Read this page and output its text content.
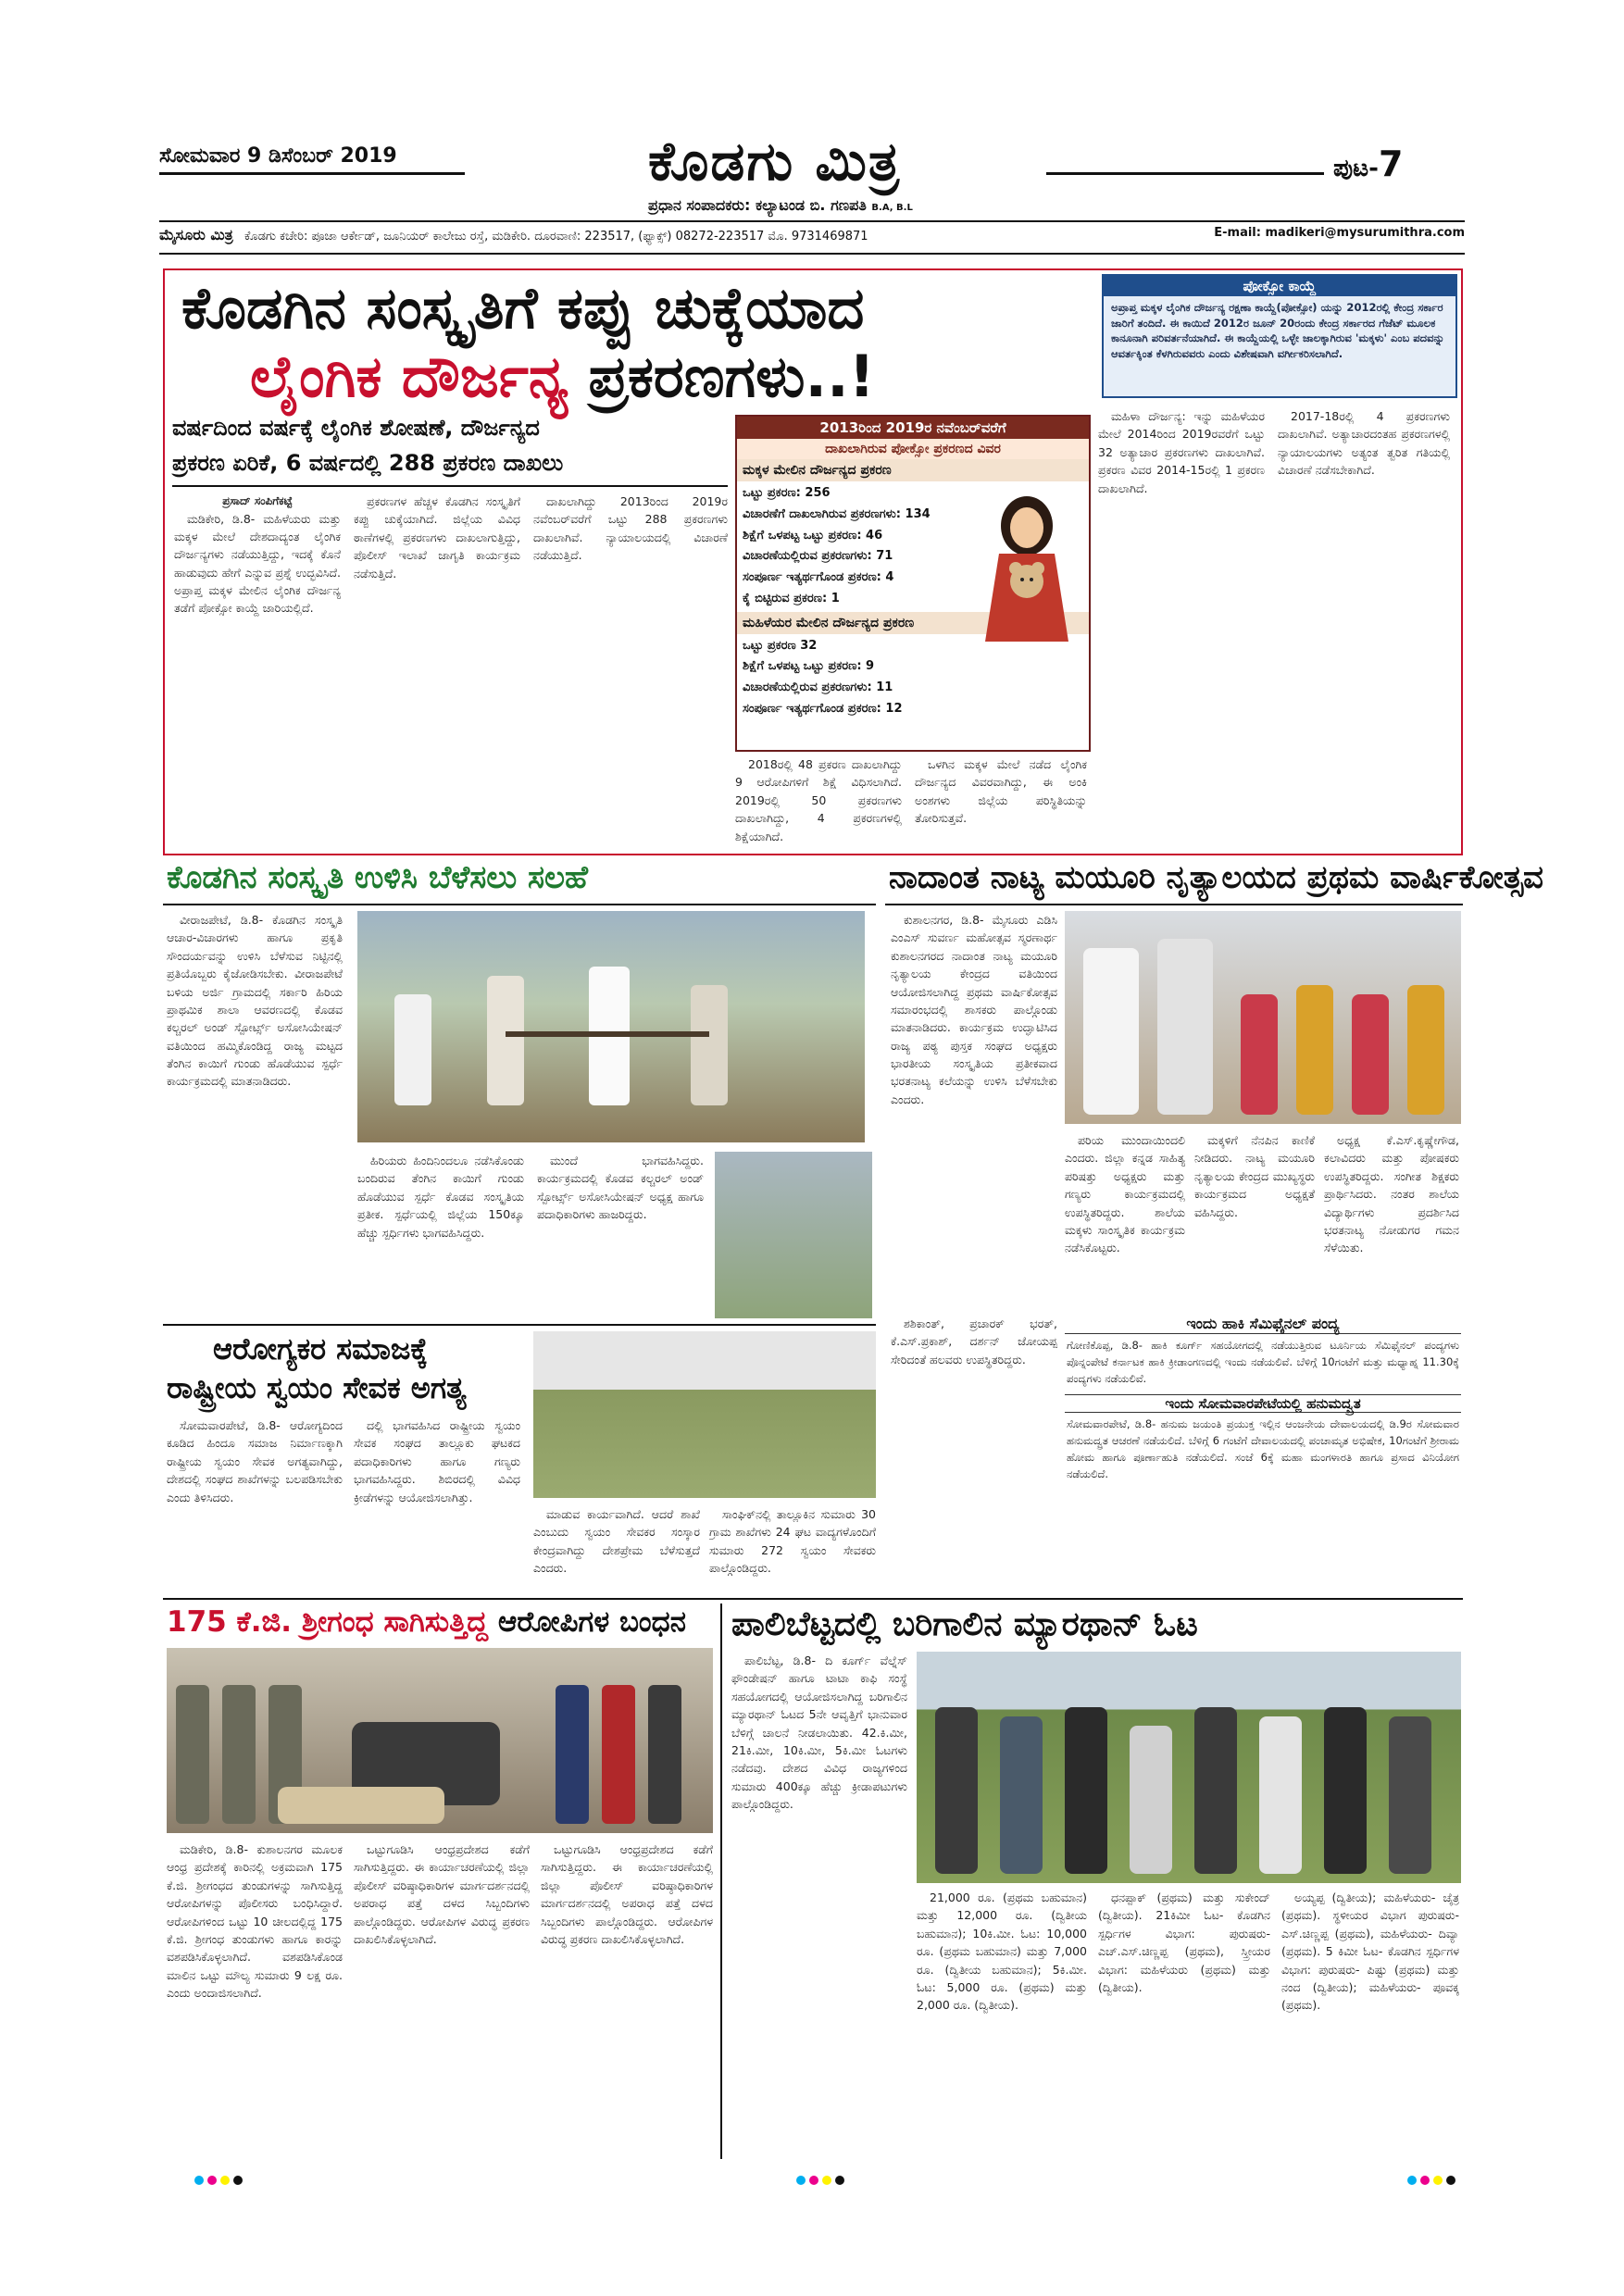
ಸೋಮವಾರ 9 ಡಿಸೆಂಬರ್ 2019	ಕೊಡಗು ಮಿತ್ರ	ಪುಟ-7
ಪ್ರಧಾನ ಸಂಪಾದಕರು: ಕಲ್ಯಾಟಂಡ ಬಿ. ಗಣಪತಿ B.A, B.L
ಮೈಸೂರು ಮಿತ್ರ ಕೊಡಗು ಕಚೇರಿ: ಪೂಜಾ ಆರ್ಕೇಡ್, ಜೂನಿಯರ್ ಕಾಲೇಜು ರಸ್ತೆ, ಮಡಿಕೇರಿ. ದೂರವಾಣಿ: 223517, (ಫ್ಯಾಕ್ಸ್) 08272-223517 ಮೊ. 9731469871	E-mail: madikeri@mysurumithra.com
ಕೊಡಗಿನ ಸಂಸ್ಕೃತಿಗೆ ಕಪ್ಪು ಚುಕ್ಕೆಯಾದ
ಲೈಂಗಿಕ ದೌರ್ಜನ್ಯ ಪ್ರಕರಣಗಳು..!
ಪೋಕ್ಸೋ ಕಾಯ್ದೆ
ಅಪ್ರಾಪ್ತ ಮಕ್ಕಳ ಲೈಂಗಿಕ ದೌರ್ಜನ್ಯ ರಕ್ಷಣಾ ಕಾಯ್ದೆ(ಪೋಕ್ಸೋ) ಯನ್ನು 2012ರಲ್ಲಿ ಕೇಂದ್ರ ಸರ್ಕಾರ ಜಾರಿಗೆ ತಂದಿದೆ. ಈ ಕಾಯಿದೆ 2012ರ ಜೂನ್ 20ರಂದು ಕೇಂದ್ರ ಸರ್ಕಾರದ ಗೆಜೆಟ್ ಮೂಲಕ ಕಾನೂನಾಗಿ ಪರಿವರ್ತನೆಯಾಗಿದೆ. ಈ ಕಾಯ್ದೆಯಲ್ಲಿ ಒಳ್ಳೇ ಜಾಲಕ್ಕಾಗಿರುವ 'ಮಕ್ಕಳು' ಎಂಬ ಪದವನ್ನು ಆವರ್ತಕ್ಕಿಂತ ಕೆಳಗಿರುವವರು ಎಂದು ವಿಶೇಷವಾಗಿ ವರ್ಗೀಕರಿಸಲಾಗಿದೆ.
ವರ್ಷದಿಂದ ವರ್ಷಕ್ಕೆ ಲೈಂಗಿಕ ಶೋಷಣೆ, ದೌರ್ಜನ್ಯದ
ಪ್ರಕರಣ ಏರಿಕೆ, 6 ವರ್ಷದಲ್ಲಿ 288 ಪ್ರಕರಣ ದಾಖಲು
ಪ್ರಸಾದ್ ಸಂಪಿಗೆಕಟ್ಟೆ

ಮಡಿಕೇರಿ, ಡಿ.8- ಮಹಿಳೆಯರು ಮತ್ತು ಮಕ್ಕಳ ಮೇಲೆ ದೇಶದಾದ್ಯಂತ ಲೈಂಗಿಕ ದೌರ್ಜನ್ಯಗಳು ನಡೆಯುತ್ತಿದ್ದು, ಇದಕ್ಕೆ ಕೊನೆ ಹಾಡುವುದು ಹೇಗೆ ಎನ್ನುವ ಪ್ರಶ್ನೆ ಉದ್ಭವಿಸಿದೆ. ಅಪ್ರಾಪ್ತ ಮಕ್ಕಳ ಮೇಲಿನ ಲೈಂಗಿಕ ದೌರ್ಜನ್ಯ ತಡೆಗೆ ಪೋಕ್ಸೋ ಕಾಯ್ದೆ ಜಾರಿಯಲ್ಲಿದೆ.

ಪ್ರಕರಣಗಳ ಹೆಚ್ಚಳ ಕೊಡಗಿನ ಸಂಸ್ಕೃತಿಗೆ ಕಪ್ಪು ಚುಕ್ಕೆಯಾಗಿದೆ. ಜಿಲ್ಲೆಯ ವಿವಿಧ ಠಾಣೆಗಳಲ್ಲಿ ಪ್ರಕರಣಗಳು ದಾಖಲಾಗುತ್ತಿದ್ದು, ಪೊಲೀಸ್ ಇಲಾಖೆ ಜಾಗೃತಿ ಕಾರ್ಯಕ್ರಮ ನಡೆಸುತ್ತಿದೆ.

ದಾಖಲಾಗಿದ್ದು 2013ರಿಂದ 2019ರ ನವೆಂಬರ್‌ವರೆಗೆ ಒಟ್ಟು 288 ಪ್ರಕರಣಗಳು ದಾಖಲಾಗಿವೆ. ನ್ಯಾಯಾಲಯದಲ್ಲಿ ವಿಚಾರಣೆ ನಡೆಯುತ್ತಿದೆ.

2013ರಿಂದ 2019ರ ನವೆಂಬರ್‌ವರೆಗೆ
ದಾಖಲಾಗಿರುವ ಪೋಕ್ಸೋ ಪ್ರಕರಣದ ವಿವರ
ಮಕ್ಕಳ ಮೇಲಿನ ದೌರ್ಜನ್ಯದ ಪ್ರಕರಣ
ಒಟ್ಟು ಪ್ರಕರಣ: 256
ವಿಚಾರಣೆಗೆ ದಾಖಲಾಗಿರುವ ಪ್ರಕರಣಗಳು: 134
ಶಿಕ್ಷೆಗೆ ಒಳಪಟ್ಟ ಒಟ್ಟು ಪ್ರಕರಣ: 46
ವಿಚಾರಣೆಯಲ್ಲಿರುವ ಪ್ರಕರಣಗಳು: 71
ಸಂಪೂರ್ಣ ಇತ್ಯರ್ಥಗೊಂಡ ಪ್ರಕರಣ: 4
ಕೈ ಬಿಟ್ಟಿರುವ ಪ್ರಕರಣ: 1
ಮಹಿಳೆಯರ ಮೇಲಿನ ದೌರ್ಜನ್ಯದ ಪ್ರಕರಣ
ಒಟ್ಟು ಪ್ರಕರಣ 32
ಶಿಕ್ಷೆಗೆ ಒಳಪಟ್ಟ ಒಟ್ಟು ಪ್ರಕರಣ: 9
ವಿಚಾರಣೆಯಲ್ಲಿರುವ ಪ್ರಕರಣಗಳು: 11
ಸಂಪೂರ್ಣ ಇತ್ಯರ್ಥಗೊಂಡ ಪ್ರಕರಣ: 12

2018ರಲ್ಲಿ 48 ಪ್ರಕರಣ ದಾಖಲಾಗಿದ್ದು 9 ಆರೋಪಿಗಳಿಗೆ ಶಿಕ್ಷೆ ವಿಧಿಸಲಾಗಿದೆ. 2019ರಲ್ಲಿ 50 ಪ್ರಕರಣಗಳು ದಾಖಲಾಗಿದ್ದು, 4 ಪ್ರಕರಣಗಳಲ್ಲಿ ಶಿಕ್ಷೆಯಾಗಿದೆ.

ಒಳಗಿನ ಮಕ್ಕಳ ಮೇಲೆ ನಡೆದ ಲೈಂಗಿಕ ದೌರ್ಜನ್ಯದ ವಿವರವಾಗಿದ್ದು, ಈ ಅಂಕಿ ಅಂಶಗಳು ಜಿಲ್ಲೆಯ ಪರಿಸ್ಥಿತಿಯನ್ನು ತೋರಿಸುತ್ತವೆ.

ಮಹಿಳಾ ದೌರ್ಜನ್ಯ: ಇನ್ನು ಮಹಿಳೆಯರ ಮೇಲೆ 2014ರಿಂದ 2019ರವರೆಗೆ ಒಟ್ಟು 32 ಅತ್ಯಾಚಾರ ಪ್ರಕರಣಗಳು ದಾಖಲಾಗಿವೆ. ಪ್ರಕರಣ ವಿವರ 2014-15ರಲ್ಲಿ 1 ಪ್ರಕರಣ ದಾಖಲಾಗಿದೆ.

2017-18ರಲ್ಲಿ 4 ಪ್ರಕರಣಗಳು ದಾಖಲಾಗಿವೆ. ಅತ್ಯಾಚಾರದಂತಹ ಪ್ರಕರಣಗಳಲ್ಲಿ ನ್ಯಾಯಾಲಯಗಳು ಅತ್ಯಂತ ತ್ವರಿತ ಗತಿಯಲ್ಲಿ ವಿಚಾರಣೆ ನಡೆಸಬೇಕಾಗಿದೆ.

ಕೊಡಗಿನ ಸಂಸ್ಕೃತಿ ಉಳಿಸಿ ಬೆಳೆಸಲು ಸಲಹೆ

ವೀರಾಜಪೇಟೆ, ಡಿ.8- ಕೊಡಗಿನ ಸಂಸ್ಕೃತಿ ಆಚಾರ-ವಿಚಾರಗಳು ಹಾಗೂ ಪ್ರಕೃತಿ ಸೌಂದರ್ಯವನ್ನು ಉಳಿಸಿ ಬೆಳೆಸುವ ನಿಟ್ಟಿನಲ್ಲಿ ಪ್ರತಿಯೊಬ್ಬರು ಕೈಜೋಡಿಸಬೇಕು. ವೀರಾಜಪೇಟೆ ಬಳಿಯ ಅರ್ಜಿ ಗ್ರಾಮದಲ್ಲಿ ಸರ್ಕಾರಿ ಹಿರಿಯ ಪ್ರಾಥಮಿಕ ಶಾಲಾ ಆವರಣದಲ್ಲಿ ಕೊಡವ ಕಲ್ಚರಲ್ ಅಂಡ್ ಸ್ಪೋರ್ಟ್ಸ್ ಅಸೋಸಿಯೇಷನ್ ವತಿಯಿಂದ ಹಮ್ಮಿಕೊಂಡಿದ್ದ ರಾಜ್ಯ ಮಟ್ಟದ ತೆಂಗಿನ ಕಾಯಿಗೆ ಗುಂಡು ಹೊಡೆಯುವ ಸ್ಪರ್ಧೆ ಕಾರ್ಯಕ್ರಮದಲ್ಲಿ ಮಾತನಾಡಿದರು.

ಹಿರಿಯರು ಹಿಂದಿನಿಂದಲೂ ನಡೆಸಿಕೊಂಡು ಬಂದಿರುವ ತೆಂಗಿನ ಕಾಯಿಗೆ ಗುಂಡು ಹೊಡೆಯುವ ಸ್ಪರ್ಧೆ ಕೊಡವ ಸಂಸ್ಕೃತಿಯ ಪ್ರತೀಕ. ಸ್ಪರ್ಧೆಯಲ್ಲಿ ಜಿಲ್ಲೆಯ 150ಕ್ಕೂ ಹೆಚ್ಚು ಸ್ಪರ್ಧಿಗಳು ಭಾಗವಹಿಸಿದ್ದರು.

ಮುಂದೆ ಭಾಗವಹಿಸಿದ್ದರು. ಕಾರ್ಯಕ್ರಮದಲ್ಲಿ ಕೊಡವ ಕಲ್ಚರಲ್ ಅಂಡ್ ಸ್ಪೋರ್ಟ್ಸ್ ಅಸೋಸಿಯೇಷನ್ ಅಧ್ಯಕ್ಷ ಹಾಗೂ ಪದಾಧಿಕಾರಿಗಳು ಹಾಜರಿದ್ದರು.

ನಾದಾಂತ ನಾಟ್ಯ ಮಯೂರಿ ನೃತ್ಯಾಲಯದ ಪ್ರಥಮ ವಾರ್ಷಿಕೋತ್ಸವ

ಕುಶಾಲನಗರ, ಡಿ.8- ಮೈಸೂರು ಎಡಿಸಿ ಎಂಎಸ್ ಸುವರ್ಣ ಮಹೋತ್ಸವ ಸ್ಮರಣಾರ್ಥ ಕುಶಾಲನಗರದ ನಾದಾಂತ ನಾಟ್ಯ ಮಯೂರಿ ನೃತ್ಯಾಲಯ ಕೇಂದ್ರದ ವತಿಯಿಂದ ಆಯೋಜಿಸಲಾಗಿದ್ದ ಪ್ರಥಮ ವಾರ್ಷಿಕೋತ್ಸವ ಸಮಾರಂಭದಲ್ಲಿ ಶಾಸಕರು ಪಾಲ್ಗೊಂಡು ಮಾತನಾಡಿದರು. ಕಾರ್ಯಕ್ರಮ ಉದ್ಘಾಟಿಸಿದ ರಾಜ್ಯ ಪಠ್ಯ ಪುಸ್ತಕ ಸಂಘದ ಅಧ್ಯಕ್ಷರು ಭಾರತೀಯ ಸಂಸ್ಕೃತಿಯ ಪ್ರತೀಕವಾದ ಭರತನಾಟ್ಯ ಕಲೆಯನ್ನು ಉಳಿಸಿ ಬೆಳೆಸಬೇಕು ಎಂದರು.

ಪರಿಯ ಮುಂದಾಯಿಂದಲಿ ಎಂದರು. ಜಿಲ್ಲಾ ಕನ್ನಡ ಸಾಹಿತ್ಯ ಪರಿಷತ್ತು ಅಧ್ಯಕ್ಷರು ಮತ್ತು ಗಣ್ಯರು ಕಾರ್ಯಕ್ರಮದಲ್ಲಿ ಉಪಸ್ಥಿತರಿದ್ದರು. ಶಾಲೆಯ ಮಕ್ಕಳು ಸಾಂಸ್ಕೃತಿಕ ಕಾರ್ಯಕ್ರಮ ನಡೆಸಿಕೊಟ್ಟರು.

ಮಕ್ಕಳಿಗೆ ನೆನಪಿನ ಕಾಣಿಕೆ ನೀಡಿದರು. ನಾಟ್ಯ ಮಯೂರಿ ನೃತ್ಯಾಲಯ ಕೇಂದ್ರದ ಮುಖ್ಯಸ್ಥರು ಕಾರ್ಯಕ್ರಮದ ಅಧ್ಯಕ್ಷತೆ ವಹಿಸಿದ್ದರು.

ಅಧ್ಯಕ್ಷ ಕೆ.ಎಸ್.ಕೃಷ್ಣೇಗೌಡ, ಕಲಾವಿದರು ಮತ್ತು ಪೋಷಕರು ಉಪಸ್ಥಿತರಿದ್ದರು. ಸಂಗೀತ ಶಿಕ್ಷಕರು ಪ್ರಾರ್ಥಿಸಿದರು. ನಂತರ ಶಾಲೆಯ ವಿದ್ಯಾರ್ಥಿಗಳು ಪ್ರದರ್ಶಿಸಿದ ಭರತನಾಟ್ಯ ನೋಡುಗರ ಗಮನ ಸೆಳೆಯಿತು.

ಆರೋಗ್ಯಕರ ಸಮಾಜಕ್ಕೆ
ರಾಷ್ಟ್ರೀಯ ಸ್ವಯಂ ಸೇವಕ ಅಗತ್ಯ

ಸೋಮವಾರಪೇಟೆ, ಡಿ.8- ಆರೋಗ್ಯದಿಂದ ಕೂಡಿದ ಹಿಂದೂ ಸಮಾಜ ನಿರ್ಮಾಣಕ್ಕಾಗಿ ರಾಷ್ಟ್ರೀಯ ಸ್ವಯಂ ಸೇವಕ ಅಗತ್ಯವಾಗಿದ್ದು, ದೇಶದಲ್ಲಿ ಸಂಘದ ಶಾಖೆಗಳನ್ನು ಬಲಪಡಿಸಬೇಕು ಎಂದು ತಿಳಿಸಿದರು.

ದಲ್ಲಿ ಭಾಗವಹಿಸಿದ ರಾಷ್ಟ್ರೀಯ ಸ್ವಯಂ ಸೇವಕ ಸಂಘದ ತಾಲ್ಲೂಕು ಘಟಕದ ಪದಾಧಿಕಾರಿಗಳು ಹಾಗೂ ಗಣ್ಯರು ಭಾಗವಹಿಸಿದ್ದರು. ಶಿಬಿರದಲ್ಲಿ ವಿವಿಧ ಕ್ರೀಡೆಗಳನ್ನು ಆಯೋಜಿಸಲಾಗಿತ್ತು.

ಮಾಡುವ ಕಾರ್ಯವಾಗಿದೆ. ಆದರೆ ಶಾಖೆ ಎಂಬುದು ಸ್ವಯಂ ಸೇವಕರ ಸಂಸ್ಕಾರ ಕೇಂದ್ರವಾಗಿದ್ದು ದೇಶಪ್ರೇಮ ಬೆಳೆಸುತ್ತದೆ ಎಂದರು.

ಸಾಂಘಿಕ್‌ನಲ್ಲಿ ತಾಲ್ಲೂಕಿನ ಸುಮಾರು 30 ಗ್ರಾಮ ಶಾಖೆಗಳು 24 ಘಟ ವಾದ್ಯಗಳೊಂದಿಗೆ ಸುಮಾರು 272 ಸ್ವಯಂ ಸೇವಕರು ಪಾಲ್ಗೊಂಡಿದ್ದರು.

ಶಶಿಕಾಂತ್, ಪ್ರಚಾರಕ್ ಭರತ್, ಕೆ.ಎಸ್.ಪ್ರಕಾಶ್, ದರ್ಶನ್ ಜೋಯಪ್ಪ ಸೇರಿದಂತೆ ಹಲವರು ಉಪಸ್ಥಿತರಿದ್ದರು.

ಇಂದು ಹಾಕಿ ಸೆಮಿಫೈನಲ್ ಪಂದ್ಯ
ಗೋಣಿಕೊಪ್ಪ, ಡಿ.8- ಹಾಕಿ ಕೂರ್ಗ್ ಸಹಯೋಗದಲ್ಲಿ ನಡೆಯುತ್ತಿರುವ ಟೂರ್ನಿಯ ಸೆಮಿಫೈನಲ್ ಪಂದ್ಯಗಳು ಪೊನ್ನಂಪೇಟೆ ಕರ್ನಾಟಕ ಹಾಕಿ ಕ್ರೀಡಾಂಗಣದಲ್ಲಿ ಇಂದು ನಡೆಯಲಿವೆ. ಬೆಳಿಗ್ಗೆ 10ಗಂಟೆಗೆ ಮತ್ತು ಮಧ್ಯಾಹ್ನ 11.30ಕ್ಕೆ ಪಂದ್ಯಗಳು ನಡೆಯಲಿವೆ.
ಇಂದು ಸೋಮವಾರಪೇಟೆಯಲ್ಲಿ ಹನುಮದ್ವ್ರತ
ಸೋಮವಾರಪೇಟೆ, ಡಿ.8- ಹನುಮ ಜಯಂತಿ ಪ್ರಯುಕ್ತ ಇಲ್ಲಿನ ಆಂಜನೇಯ ದೇವಾಲಯದಲ್ಲಿ ಡಿ.9ರ ಸೋಮವಾರ ಹನುಮದ್ವ್ರತ ಆಚರಣೆ ನಡೆಯಲಿದೆ. ಬೆಳಿಗ್ಗೆ 6 ಗಂಟೆಗೆ ದೇವಾಲಯದಲ್ಲಿ ಪಂಚಾಮೃತ ಅಭಿಷೇಕ, 10ಗಂಟೆಗೆ ಶ್ರೀರಾಮ ಹೋಮ ಹಾಗೂ ಪೂರ್ಣಾಹುತಿ ನಡೆಯಲಿದೆ. ಸಂಜೆ 6ಕ್ಕೆ ಮಹಾ ಮಂಗಳಾರತಿ ಹಾಗೂ ಪ್ರಸಾದ ವಿನಿಯೋಗ ನಡೆಯಲಿದೆ.
175 ಕೆ.ಜಿ. ಶ್ರೀಗಂಧ ಸಾಗಿಸುತ್ತಿದ್ದ ಆರೋಪಿಗಳ ಬಂಧನ

ಮಡಿಕೇರಿ, ಡಿ.8- ಕುಶಾಲನಗರ ಮೂಲಕ ಆಂಧ್ರ ಪ್ರದೇಶಕ್ಕೆ ಕಾರಿನಲ್ಲಿ ಅಕ್ರಮವಾಗಿ 175 ಕೆ.ಜಿ. ಶ್ರೀಗಂಧದ ತುಂಡುಗಳನ್ನು ಸಾಗಿಸುತ್ತಿದ್ದ ಆರೋಪಿಗಳನ್ನು ಪೊಲೀಸರು ಬಂಧಿಸಿದ್ದಾರೆ. ಆರೋಪಿಗಳಿಂದ ಒಟ್ಟು 10 ಚೀಲದಲ್ಲಿದ್ದ 175 ಕೆ.ಜಿ. ಶ್ರೀಗಂಧ ತುಂಡುಗಳು ಹಾಗೂ ಕಾರನ್ನು ವಶಪಡಿಸಿಕೊಳ್ಳಲಾಗಿದೆ. ವಶಪಡಿಸಿಕೊಂಡ ಮಾಲಿನ ಒಟ್ಟು ಮೌಲ್ಯ ಸುಮಾರು 9 ಲಕ್ಷ ರೂ. ಎಂದು ಅಂದಾಜಿಸಲಾಗಿದೆ.

ಒಟ್ಟುಗೂಡಿಸಿ ಆಂಧ್ರಪ್ರದೇಶದ ಕಡೆಗೆ ಸಾಗಿಸುತ್ತಿದ್ದರು. ಈ ಕಾರ್ಯಾಚರಣೆಯಲ್ಲಿ ಜಿಲ್ಲಾ ಪೊಲೀಸ್ ವರಿಷ್ಠಾಧಿಕಾರಿಗಳ ಮಾರ್ಗದರ್ಶನದಲ್ಲಿ ಅಪರಾಧ ಪತ್ತೆ ದಳದ ಸಿಬ್ಬಂದಿಗಳು ಪಾಲ್ಗೊಂಡಿದ್ದರು. ಆರೋಪಿಗಳ ವಿರುದ್ಧ ಪ್ರಕರಣ ದಾಖಲಿಸಿಕೊಳ್ಳಲಾಗಿದೆ.

ಒಟ್ಟುಗೂಡಿಸಿ ಆಂಧ್ರಪ್ರದೇಶದ ಕಡೆಗೆ ಸಾಗಿಸುತ್ತಿದ್ದರು. ಈ ಕಾರ್ಯಾಚರಣೆಯಲ್ಲಿ ಜಿಲ್ಲಾ ಪೊಲೀಸ್ ವರಿಷ್ಠಾಧಿಕಾರಿಗಳ ಮಾರ್ಗದರ್ಶನದಲ್ಲಿ ಅಪರಾಧ ಪತ್ತೆ ದಳದ ಸಿಬ್ಬಂದಿಗಳು ಪಾಲ್ಗೊಂಡಿದ್ದರು. ಆರೋಪಿಗಳ ವಿರುದ್ಧ ಪ್ರಕರಣ ದಾಖಲಿಸಿಕೊಳ್ಳಲಾಗಿದೆ.

ಪಾಲಿಬೆಟ್ಟದಲ್ಲಿ ಬರಿಗಾಲಿನ ಮ್ಯಾರಥಾನ್ ಓಟ

ಪಾಲಿಬೆಟ್ಟ, ಡಿ.8- ದಿ ಕೂರ್ಗ್ ವೆಲ್ನೆಸ್ ಫೌಂಡೇಷನ್ ಹಾಗೂ ಟಾಟಾ ಕಾಫಿ ಸಂಸ್ಥೆ ಸಹಯೋಗದಲ್ಲಿ ಆಯೋಜಿಸಲಾಗಿದ್ದ ಬರಿಗಾಲಿನ ಮ್ಯಾರಥಾನ್ ಓಟದ 5ನೇ ಆವೃತ್ತಿಗೆ ಭಾನುವಾರ ಬೆಳಿಗ್ಗೆ ಚಾಲನೆ ನೀಡಲಾಯಿತು. 42.ಕಿ.ಮೀ, 21ಕಿ.ಮೀ, 10ಕಿ.ಮೀ, 5ಕಿ.ಮೀ ಓಟಗಳು ನಡೆದವು. ದೇಶದ ವಿವಿಧ ರಾಜ್ಯಗಳಿಂದ ಸುಮಾರು 400ಕ್ಕೂ ಹೆಚ್ಚು ಕ್ರೀಡಾಪಟುಗಳು ಪಾಲ್ಗೊಂಡಿದ್ದರು.

21,000 ರೂ. (ಪ್ರಥಮ ಬಹುಮಾನ) ಮತ್ತು 12,000 ರೂ. (ದ್ವಿತೀಯ ಬಹುಮಾನ); 10ಕಿ.ಮೀ. ಓಟ: 10,000 ರೂ. (ಪ್ರಥಮ ಬಹುಮಾನ) ಮತ್ತು 7,000 ರೂ. (ದ್ವಿತೀಯ ಬಹುಮಾನ); 5ಕಿ.ಮೀ. ಓಟ: 5,000 ರೂ. (ಪ್ರಥಮ) ಮತ್ತು 2,000 ರೂ. (ದ್ವಿತೀಯ).

ಧನಪ್ಪಾಕ್ (ಪ್ರಥಮ) ಮತ್ತು ಸುಕೇಂದ್ (ದ್ವಿತೀಯ). 21ಕಿಮೀ ಓಟ- ಕೊಡಗಿನ ಸ್ಪರ್ಧಿಗಳ ವಿಭಾಗ: ಪುರುಷರು- ಎಚ್.ಎಸ್.ಚಿಣ್ಣಪ್ಪ (ಪ್ರಥಮ), ಸ್ತ್ರೀಯರ ವಿಭಾಗ: ಮಹಿಳೆಯರು (ಪ್ರಥಮ) ಮತ್ತು (ದ್ವಿತೀಯ).

ಅಯ್ಯಪ್ಪ (ದ್ವಿತೀಯ); ಮಹಿಳೆಯರು- ಚೈತ್ರ (ಪ್ರಥಮ). ಸ್ಥಳೀಯರ ವಿಭಾಗ ಪುರುಷರು- ಎಸ್.ಚಿಣ್ಣಪ್ಪ (ಪ್ರಥಮ), ಮಹಿಳೆಯರು- ದಿವ್ಯಾ (ಪ್ರಥಮ). 5 ಕಿಮೀ ಓಟ- ಕೊಡಗಿನ ಸ್ಪರ್ಧಿಗಳ ವಿಭಾಗ: ಪುರುಷರು- ಪಿಷ್ಟು (ಪ್ರಥಮ) ಮತ್ತು ನಂದ (ದ್ವಿತೀಯ); ಮಹಿಳೆಯರು- ಪೂವಕ್ಕ (ಪ್ರಥಮ).
